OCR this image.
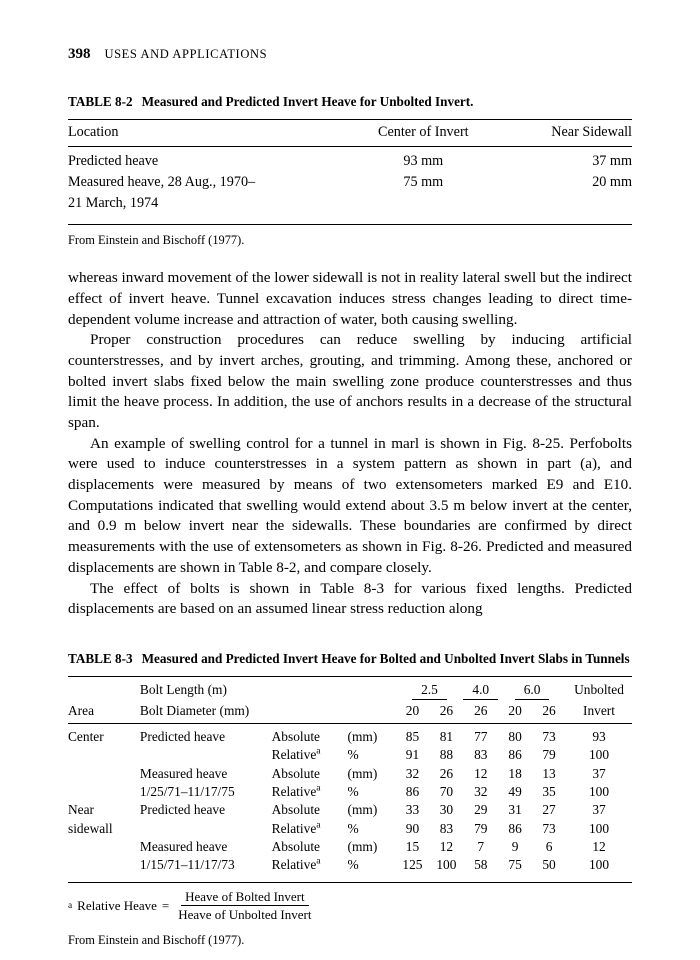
398 USES AND APPLICATIONS
TABLE 8-2 Measured and Predicted Invert Heave for Unbolted Invert.
Location	Center of Invert	Near Sidewall
Predicted heave	93 mm	37 mm
Measured heave, 28 Aug., 1970–	75 mm	20 mm
21 March, 1974		

From Einstein and Bischoff (1977).

whereas inward movement of the lower sidewall is not in reality lateral swell but the indirect effect of invert heave. Tunnel excavation induces stress changes leading to direct time-dependent volume increase and attraction of water, both causing swelling.

Proper construction procedures can reduce swelling by inducing artificial counterstresses, and by invert arches, grouting, and trimming. Among these, anchored or bolted invert slabs fixed below the main swelling zone produce counterstresses and thus limit the heave process. In addition, the use of anchors results in a decrease of the structural span.

An example of swelling control for a tunnel in marl is shown in Fig. 8-25. Perfobolts were used to induce counterstresses in a system pattern as shown in part (a), and displacements were measured by means of two extensometers marked E9 and E10. Computations indicated that swelling would extend about 3.5 m below invert at the center, and 0.9 m below invert near the sidewalls. These boundaries are confirmed by direct measurements with the use of extensometers as shown in Fig. 8-26. Predicted and measured displacements are shown in Table 8-2, and compare closely.

The effect of bolts is shown in Table 8-3 for various fixed lengths. Predicted displacements are based on an assumed linear stress reduction along

TABLE 8-3 Measured and Predicted Invert Heave for Bolted and Unbolted Invert Slabs in Tunnels
	Bolt Length (m)			2.5		4.0	6.0		Unbolted
Area	Bolt Diameter (mm)			20	26	26	20	26	Invert
Center	Predicted heave	Absolute	(mm)	85	81	77	80	73	93
		Relative$^a$	%	91	88	83	86	79	100
	Measured heave	Absolute	(mm)	32	26	12	18	13	37
	1/25/71–11/17/75	Relative$^a$	%	86	70	32	49	35	100
Near	Predicted heave	Absolute	(mm)	33	30	29	31	27	37
sidewall		Relative$^a$	%	90	83	79	86	73	100
	Measured heave	Absolute	(mm)	15	12	7	9	6	12
	1/15/71–11/17/73	Relative$^a$	%	125	100	58	75	50	100

a Relative Heave = $\frac{\text{Heave of Bolted Invert}}{\text{Heave of Unbolted Invert}}$
From Einstein and Bischoff (1977).
